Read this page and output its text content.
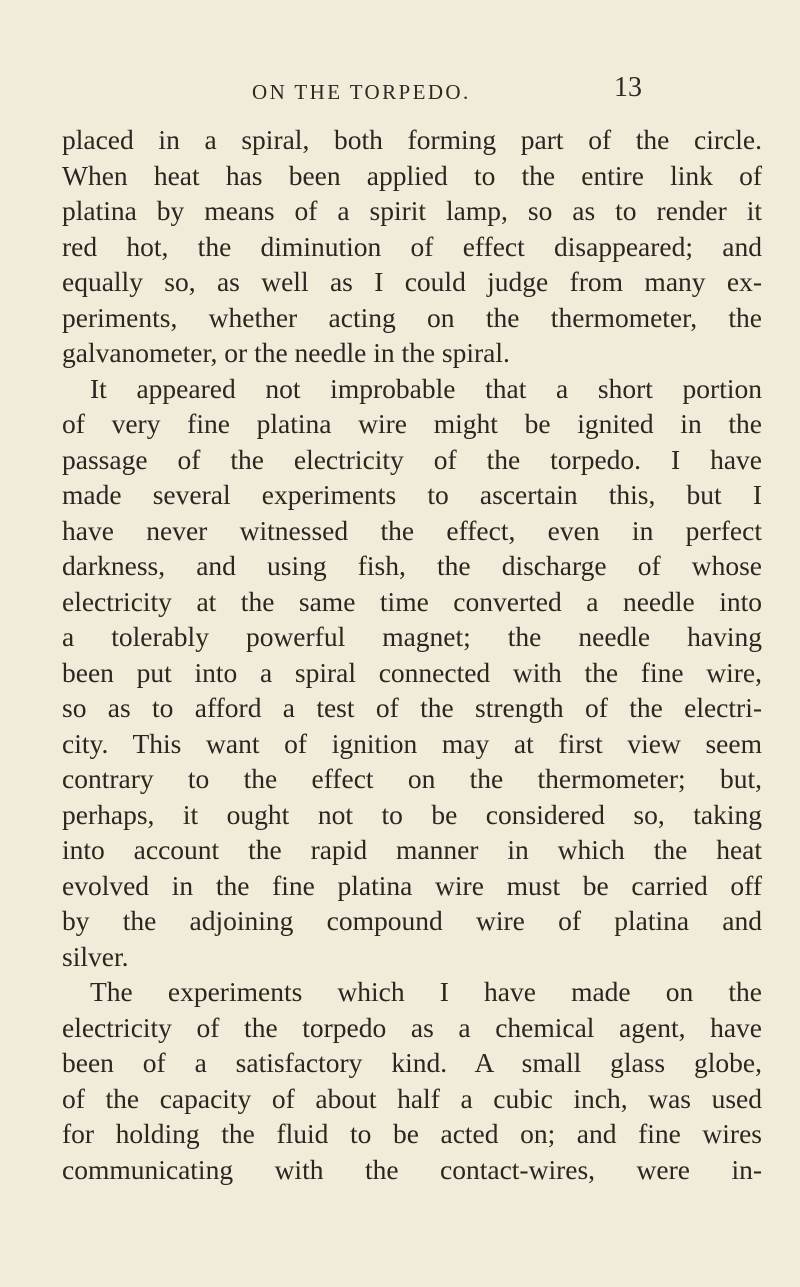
ON THE TORPEDO.	13
placed in a spiral, both forming part of the circle.
When heat has been applied to the entire link of
platina by means of a spirit lamp, so as to render it
red hot, the diminution of effect disappeared; and
equally so, as well as I could judge from many ex-
periments, whether acting on the thermometer, the
galvanometer, or the needle in the spiral.
It appeared not improbable that a short portion
of very fine platina wire might be ignited in the
passage of the electricity of the torpedo. I have
made several experiments to ascertain this, but I
have never witnessed the effect, even in perfect
darkness, and using fish, the discharge of whose
electricity at the same time converted a needle into
a tolerably powerful magnet; the needle having
been put into a spiral connected with the fine wire,
so as to afford a test of the strength of the electri-
city. This want of ignition may at first view seem
contrary to the effect on the thermometer; but,
perhaps, it ought not to be considered so, taking
into account the rapid manner in which the heat
evolved in the fine platina wire must be carried off
by the adjoining compound wire of platina and
silver.
The experiments which I have made on the
electricity of the torpedo as a chemical agent, have
been of a satisfactory kind. A small glass globe,
of the capacity of about half a cubic inch, was used
for holding the fluid to be acted on; and fine wires
communicating with the contact-wires, were in-
